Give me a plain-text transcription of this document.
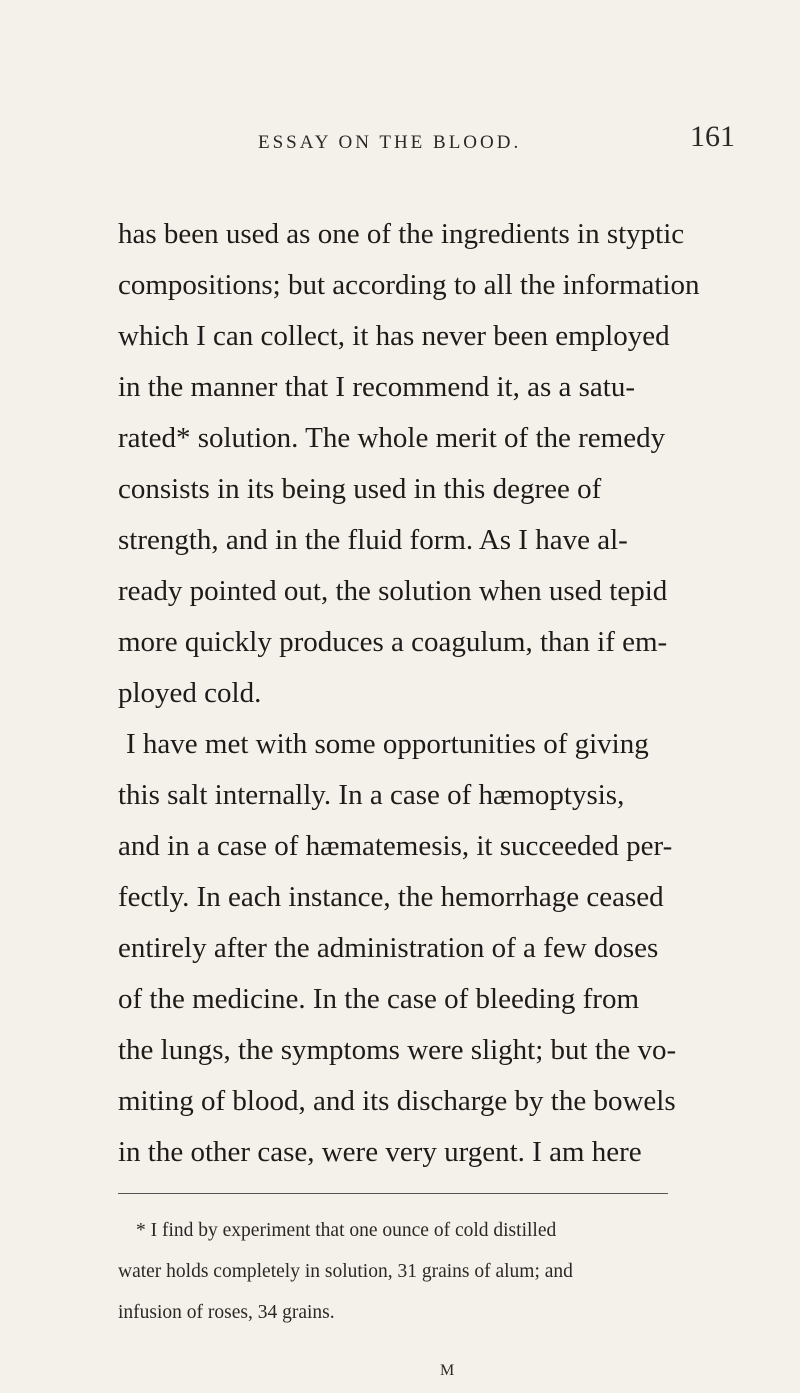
ESSAY ON THE BLOOD.	161
has been used as one of the ingredients in styptic
compositions; but according to all the information
which I can collect, it has never been employed
in the manner that I recommend it, as a satu-
rated* solution. The whole merit of the remedy
consists in its being used in this degree of
strength, and in the fluid form. As I have al-
ready pointed out, the solution when used tepid
more quickly produces a coagulum, than if em-
ployed cold.
I have met with some opportunities of giving
this salt internally. In a case of hæmoptysis,
and in a case of hæmatemesis, it succeeded per-
fectly. In each instance, the hemorrhage ceased
entirely after the administration of a few doses
of the medicine. In the case of bleeding from
the lungs, the symptoms were slight; but the vo-
miting of blood, and its discharge by the bowels
in the other case, were very urgent. I am here
* I find by experiment that one ounce of cold distilled
water holds completely in solution, 31 grains of alum; and
infusion of roses, 34 grains.
M
